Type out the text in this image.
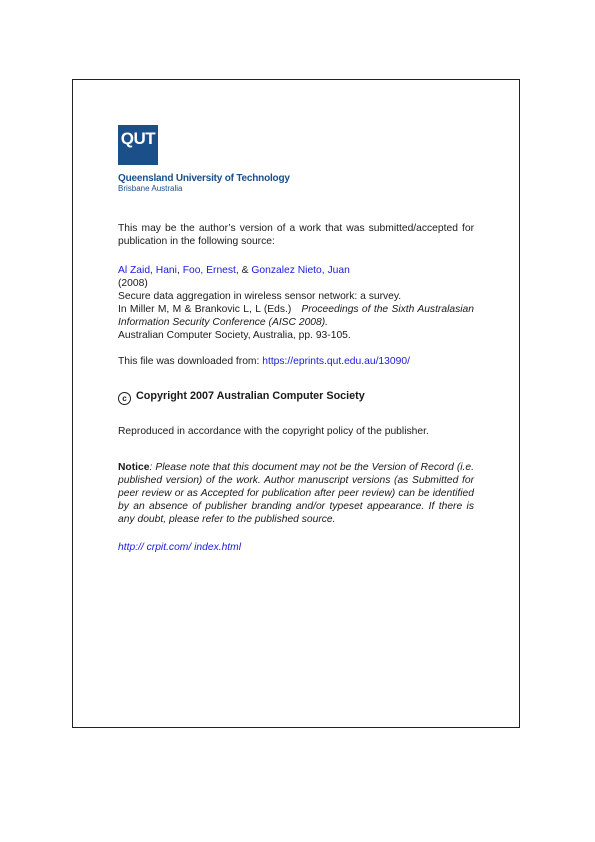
QUT
Queensland University of Technology
Brisbane Australia

This may be the author’s version of a work that was submitted/accepted for publication in the following source:

Al Zaid, Hani, Foo, Ernest, & Gonzalez Nieto, Juan

(2008)

Secure data aggregation in wireless sensor network: a survey.

In Miller M, M & Brankovic L, L (Eds.) Proceedings of the Sixth Australasian Information Security Conference (AISC 2008).

Australian Computer Society, Australia, pp. 93-105.

This file was downloaded from: https://eprints.qut.edu.au/13090/

c Copyright 2007 Australian Computer Society

Reproduced in accordance with the copyright policy of the publisher.

Notice: Please note that this document may not be the Version of Record (i.e. published version) of the work. Author manuscript versions (as Submitted for peer review or as Accepted for publication after peer review) can be identified by an absence of publisher branding and/or typeset appearance. If there is any doubt, please refer to the published source.

http:// crpit.com/ index.html
